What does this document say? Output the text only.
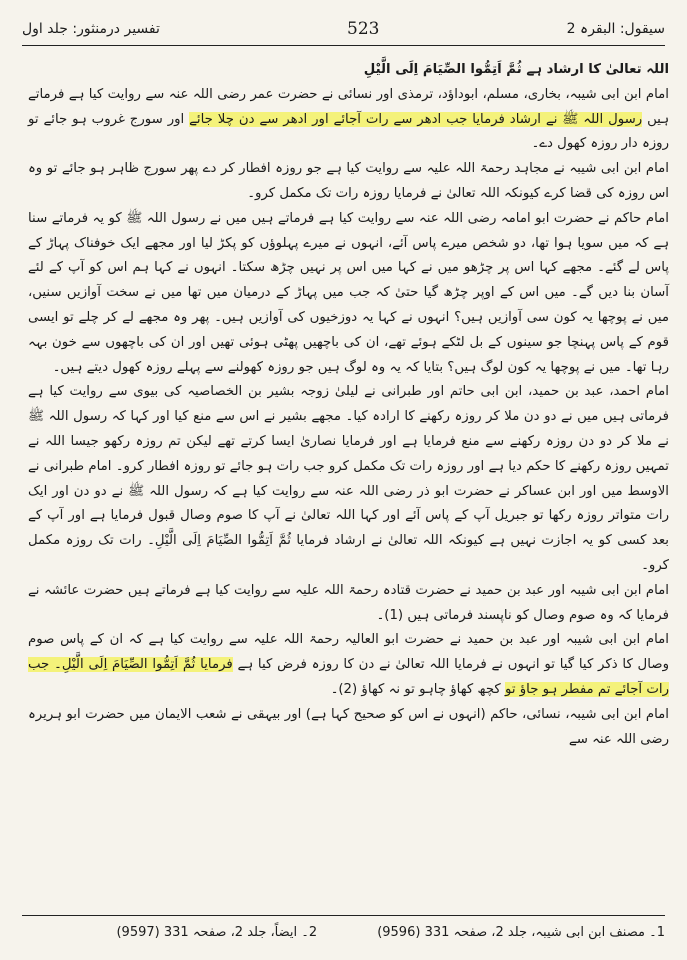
تفسیر درمنثور: جلد اول	523	سیقول: البقرہ 2

اللہ تعالیٰ کا ارشاد ہے ثُمَّ اَتِمُّوا الصِّیَامَ اِلَی الَّیْلِ

امام ابن ابی شیبہ، بخاری، مسلم، ابوداؤد، ترمذی اور نسائی نے حضرت عمر رضی اللہ عنہ سے روایت کیا ہے فرماتے ہیں رسول اللہ ﷺ نے ارشاد فرمایا جب ادھر سے رات آجائے اور ادھر سے دن چلا جائے اور سورج غروب ہو جائے تو روزہ دار روزہ کھول دے۔

امام ابن ابی شیبہ نے مجاہد رحمۃ اللہ علیہ سے روایت کیا ہے جو روزہ افطار کر دے پھر سورج ظاہر ہو جائے تو وہ اس روزہ کی قضا کرے کیونکہ اللہ تعالیٰ نے فرمایا روزہ رات تک مکمل کرو۔

امام حاکم نے حضرت ابو امامہ رضی اللہ عنہ سے روایت کیا ہے فرماتے ہیں میں نے رسول اللہ ﷺ کو یہ فرماتے سنا ہے کہ میں سویا ہوا تھا، دو شخص میرے پاس آئے، انہوں نے میرے پہلوؤں کو پکڑ لیا اور مجھے ایک خوفناک پہاڑ کے پاس لے گئے۔ مجھے کہا اس پر چڑھو میں نے کہا میں اس پر نہیں چڑھ سکتا۔ انہوں نے کہا ہم اس کو آپ کے لئے آسان بنا دیں گے۔ میں اس کے اوپر چڑھ گیا حتیٰ کہ جب میں پہاڑ کے درمیان میں تھا میں نے سخت آوازیں سنیں، میں نے پوچھا یہ کون سی آوازیں ہیں؟ انہوں نے کہا یہ دوزخیوں کی آوازیں ہیں۔ پھر وہ مجھے لے کر چلے تو ایسی قوم کے پاس پہنچا جو سینوں کے بل لٹکے ہوئے تھے، ان کی باچھیں پھٹی ہوئی تھیں اور ان کی باچھوں سے خون بہہ رہا تھا۔ میں نے پوچھا یہ کون لوگ ہیں؟ بتایا کہ یہ وہ لوگ ہیں جو روزہ کھولنے سے پہلے روزہ کھول دیتے ہیں۔

امام احمد، عبد بن حمید، ابن ابی حاتم اور طبرانی نے لیلیٰ زوجہ بشیر بن الخصاصیہ کی بیوی سے روایت کیا ہے فرماتی ہیں میں نے دو دن ملا کر روزہ رکھنے کا ارادہ کیا۔ مجھے بشیر نے اس سے منع کیا اور کہا کہ رسول اللہ ﷺ نے ملا کر دو دن روزہ رکھنے سے منع فرمایا ہے اور فرمایا نصاریٰ ایسا کرتے تھے لیکن تم روزہ رکھو جیسا اللہ نے تمہیں روزہ رکھنے کا حکم دیا ہے اور روزہ رات تک مکمل کرو جب رات ہو جائے تو روزہ افطار کرو۔ امام طبرانی نے الاوسط میں اور ابن عساکر نے حضرت ابو ذر رضی اللہ عنہ سے روایت کیا ہے کہ رسول اللہ ﷺ نے دو دن اور ایک رات متواتر روزہ رکھا تو جبریل آپ کے پاس آئے اور کہا اللہ تعالیٰ نے آپ کا صوم وصال قبول فرمایا ہے اور آپ کے بعد کسی کو یہ اجازت نہیں ہے کیونکہ اللہ تعالیٰ نے ارشاد فرمایا ثُمَّ اَتِمُّوا الصِّیَامَ اِلَی الَّیْلِ۔ رات تک روزہ مکمل کرو۔

امام ابن ابی شیبہ اور عبد بن حمید نے حضرت قتادہ رحمۃ اللہ علیہ سے روایت کیا ہے فرماتے ہیں حضرت عائشہ نے فرمایا کہ وہ صوم وصال کو ناپسند فرماتی ہیں (1)۔

امام ابن ابی شیبہ اور عبد بن حمید نے حضرت ابو العالیہ رحمۃ اللہ علیہ سے روایت کیا ہے کہ ان کے پاس صوم وصال کا ذکر کیا گیا تو انہوں نے فرمایا اللہ تعالیٰ نے دن کا روزہ فرض کیا ہے فرمایا ثُمَّ اَتِمُّوا الصِّیَامَ اِلَی الَّیْلِ۔ جب رات آجائے تم مفطر ہو جاؤ تو کچھ کھاؤ چاہو تو نہ کھاؤ (2)۔

امام ابن ابی شیبہ، نسائی، حاکم (انہوں نے اس کو صحیح کہا ہے) اور بیہقی نے شعب الایمان میں حضرت ابو ہریرہ رضی اللہ عنہ سے

1۔ مصنف ابن ابی شیبہ، جلد 2، صفحہ 331 (9596)
2۔ ایضاً، جلد 2، صفحہ 331 (9597)
